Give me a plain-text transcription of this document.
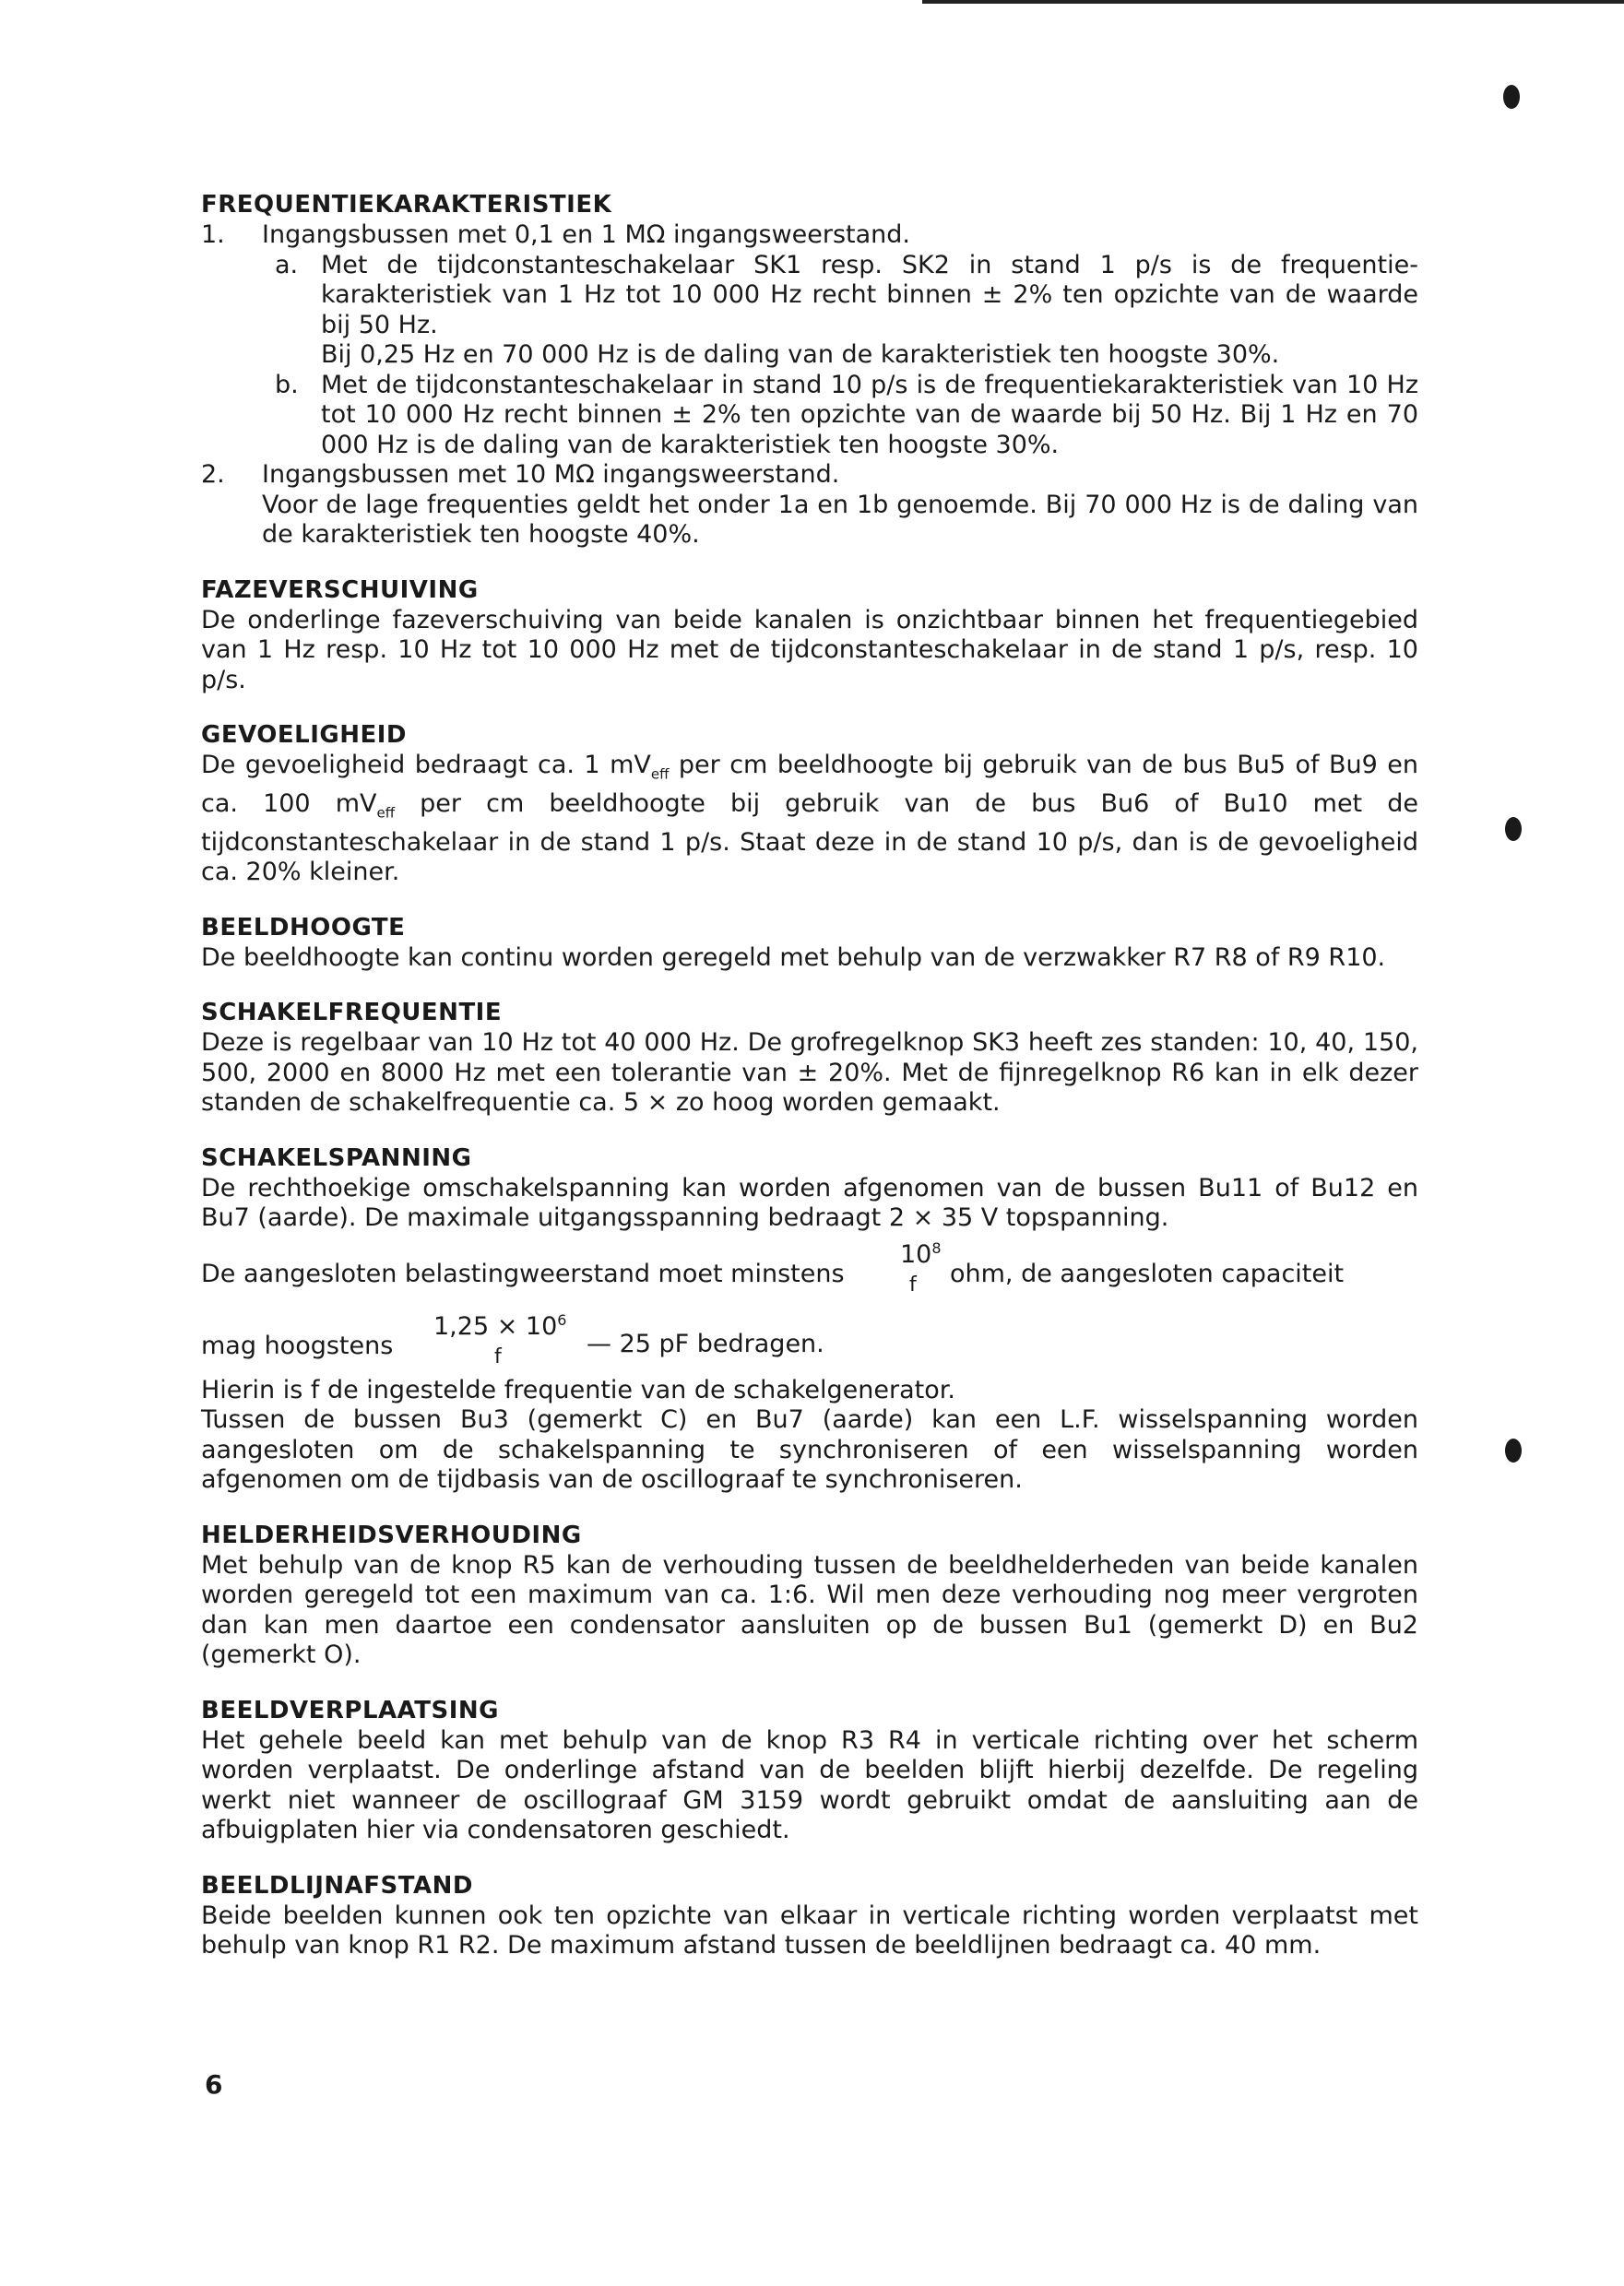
FREQUENTIEKARAKTERISTIEK

1. Ingangsbussen met 0,1 en 1 MΩ ingangsweerstand.
a. Met de tijdconstanteschakelaar SK1 resp. SK2 in stand 1 p/s is de frequentiekarakteristiek van 1 Hz tot 10 000 Hz recht binnen ± 2% ten opzichte van de waarde bij 50 Hz.

Bij 0,25 Hz en 70 000 Hz is de daling van de karakteristiek ten hoogste 30%.

b. Met de tijdconstanteschakelaar in stand 10 p/s is de frequentiekarakteristiek van 10 Hz tot 10 000 Hz recht binnen ± 2% ten opzichte van de waarde bij 50 Hz. Bij 1 Hz en 70 000 Hz is de daling van de karakteristiek ten hoogste 30%.
2. Ingangsbussen met 10 MΩ ingangsweerstand.

Voor de lage frequenties geldt het onder 1a en 1b genoemde. Bij 70 000 Hz is de daling van de karakteristiek ten hoogste 40%.

FAZEVERSCHUIVING

De onderlinge fazeverschuiving van beide kanalen is onzichtbaar binnen het frequentiegebied van 1 Hz resp. 10 Hz tot 10 000 Hz met de tijdconstanteschakelaar in de stand 1 p/s, resp. 10 p/s.

GEVOELIGHEID

De gevoeligheid bedraagt ca. 1 $mV_{eff}$ per cm beeldhoogte bij gebruik van de bus Bu5 of Bu9 en ca. 100 $mV_{eff}$ per cm beeldhoogte bij gebruik van de bus Bu6 of Bu10 met de tijdconstanteschakelaar in de stand 1 p/s. Staat deze in de stand 10 p/s, dan is de gevoeligheid ca. 20% kleiner.

BEELDHOOGTE

De beeldhoogte kan continu worden geregeld met behulp van de verzwakker R7 R8 of R9 R10.

SCHAKELFREQUENTIE

Deze is regelbaar van 10 Hz tot 40 000 Hz. De grofregelknop SK3 heeft zes standen: 10, 40, 150, 500, 2000 en 8000 Hz met een tolerantie van ± 20%. Met de fijnregelknop R6 kan in elk dezer standen de schakelfrequentie ca. 5 × zo hoog worden gemaakt.

SCHAKELSPANNING

De rechthoekige omschakelspanning kan worden afgenomen van de bussen Bu11 of Bu12 en Bu7 (aarde). De maximale uitgangsspanning bedraagt 2 × 35 V topspanning.

De aangesloten belastingweerstand moet minstens
$10^8$
f ohm, de aangesloten capaciteit
mag hoogstens
$1,25 \times 10^6$
f	— 25 pF bedragen.

Hierin is f de ingestelde frequentie van de schakelgenerator.

Tussen de bussen Bu3 (gemerkt C) en Bu7 (aarde) kan een L.F. wisselspanning worden aangesloten om de schakelspanning te synchroniseren of een wisselspanning worden afgenomen om de tijdbasis van de oscillograaf te synchroniseren.

HELDERHEIDSVERHOUDING

Met behulp van de knop R5 kan de verhouding tussen de beeldhelderheden van beide kanalen worden geregeld tot een maximum van ca. 1:6. Wil men deze verhouding nog meer vergroten dan kan men daartoe een condensator aansluiten op de bussen Bu1 (gemerkt D) en Bu2 (gemerkt O).

BEELDVERPLAATSING

Het gehele beeld kan met behulp van de knop R3 R4 in verticale richting over het scherm worden verplaatst. De onderlinge afstand van de beelden blijft hierbij dezelfde. De regeling werkt niet wanneer de oscillograaf GM 3159 wordt gebruikt omdat de aansluiting aan de afbuigplaten hier via condensatoren geschiedt.

BEELDLIJNAFSTAND

Beide beelden kunnen ook ten opzichte van elkaar in verticale richting worden verplaatst met behulp van knop R1 R2. De maximum afstand tussen de beeldlijnen bedraagt ca. 40 mm.

6
